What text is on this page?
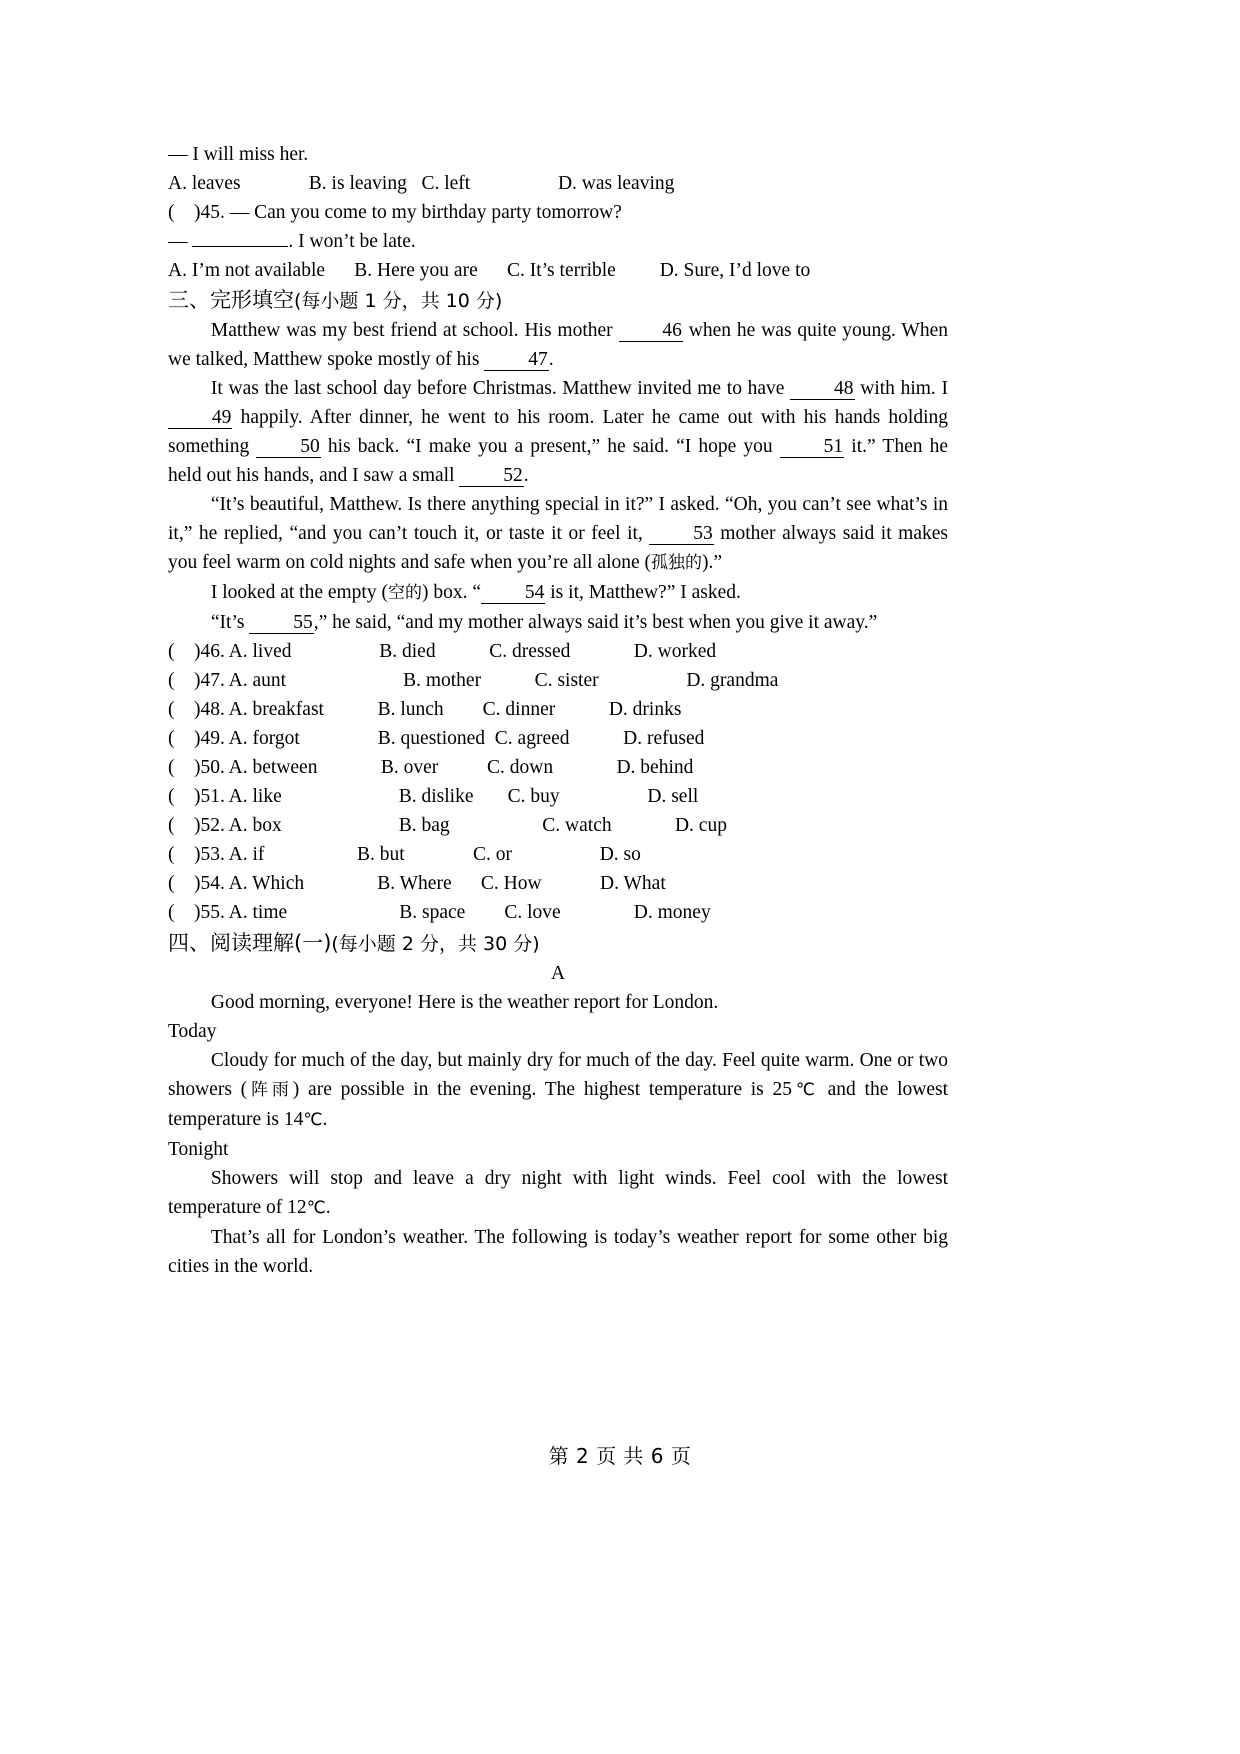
— I will miss her.

A. leaves              B. is leaving   C. left                  D. was leaving

(    )45. — Can you come to my birthday party tomorrow?

—	. I won’t be late.

A. I’m not available      B. Here you are      C. It’s terrible         D. Sure, I’d love to

三、完形填空(每小题 1 分，共 10 分)

Matthew was my best friend at school. His mother 46 when he was quite young. When we talked, Matthew spoke mostly of his 47.

It was the last school day before Christmas. Matthew invited me to have 48 with him. I 49 happily. After dinner, he went to his room. Later he came out with his hands holding something 50 his back. “I make you a present,” he said. “I hope you 51 it.” Then he held out his hands, and I saw a small 52.

“It’s beautiful, Matthew. Is there anything special in it?” I asked. “Oh, you can’t see what’s in it,” he replied, “and you can’t touch it, or taste it or feel it, 53 mother always said it makes you feel warm on cold nights and safe when you’re all alone (孤独的).”

I looked at the empty (空的) box. “ 54 is it, Matthew?” I asked.

“It’s 55,” he said, “and my mother always said it’s best when you give it away.”

(    )46. A. lived                  B. died           C. dressed             D. worked

(    )47. A. aunt                        B. mother           C. sister                  D. grandma

(    )48. A. breakfast           B. lunch        C. dinner           D. drinks

(    )49. A. forgot                B. questioned  C. agreed           D. refused

(    )50. A. between             B. over          C. down             D. behind

(    )51. A. like                        B. dislike       C. buy                  D. sell

(    )52. A. box                        B. bag                   C. watch             D. cup

(    )53. A. if                   B. but              C. or                  D. so

(    )54. A. Which               B. Where      C. How            D. What

(    )55. A. time                       B. space        C. love               D. money

四、阅读理解(一)(每小题 2 分，共 30 分)

A

Good morning, everyone! Here is the weather report for London.

Today

Cloudy for much of the day, but mainly dry for much of the day. Feel quite warm. One or two showers (阵雨) are possible in the evening. The highest temperature is 25℃ and the lowest temperature is 14℃.

Tonight

Showers will stop and leave a dry night with light winds. Feel cool with the lowest temperature of 12℃.

That’s all for London’s weather. The following is today’s weather report for some other big cities in the world.

第 2 页 共 6 页
